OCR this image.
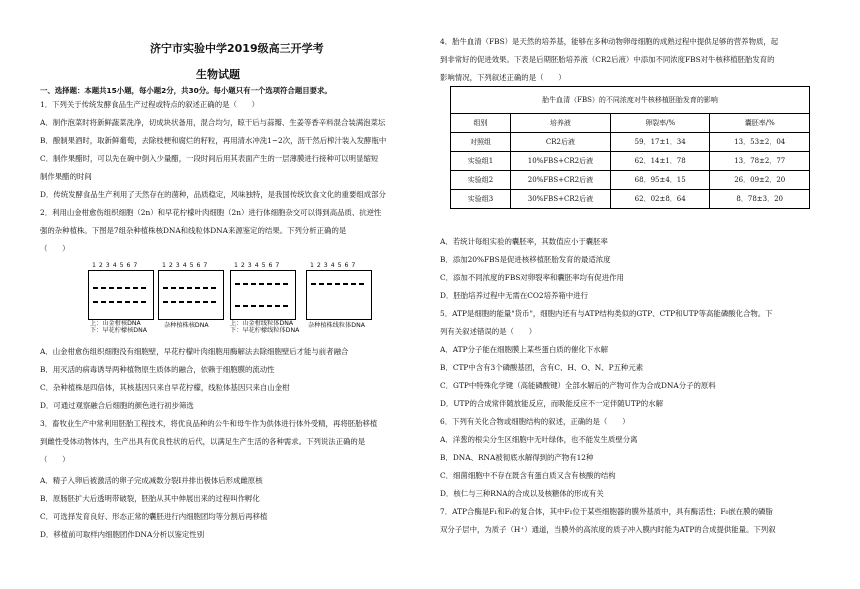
济宁市实验中学2019级高三开学考
生物试题
一、选择题：本题共15小题，每小题2分，共30分。每小题只有一个选项符合题目要求。
1．下列关于传统发酵食品生产过程或特点的叙述正确的是（　　）
A．制作泡菜时将新鲜蔬菜洗净，切成块状备用，混合均匀，晾干后与蒜瓣、生姜等香辛料混合装满泡菜坛
B．酿制果酒时，取新鲜葡萄，去除枝梗和腐烂的籽粒，再用清水冲洗1~2次，沥干然后榨汁装入发酵瓶中
C．制作果醋时，可以先在碗中倒入少量醋，一段时间后用其表面产生的一层薄膜进行接种可以明显缩短
制作果醋的时间
D．传统发酵食品生产利用了天然存在的菌种，品质稳定，风味独特，是我国传统饮食文化的重要组成部分
2．利用山金柑愈伤组织细胞（2n）和早花柠檬叶肉细胞（2n）进行体细胞杂交可以得到高品质、抗逆性
强的杂种植株。下图是7组杂种植株核DNA和线粒体DNA来源鉴定的结果。下列分析正确的是
（　　）
1 2 3 4 5 6 7	1 2 3 4 5 6 7	1 2 3 4 5 6 7	1 2 3 4 5 6 7
上：山金柑核DNA
下：早花柠檬核DNA
杂种植株核DNA	上：山金柑线粒体DNA
下：早花柠檬线粒体DNA
杂种植株线粒体DNA
A．山金柑愈伤组织细胞没有细胞壁，早花柠檬叶肉细胞用酶解法去除细胞壁后才能与前者融合
B．用灭活的病毒诱导两种植物原生质体的融合，依赖于细胞膜的流动性
C．杂种植株是四倍体，其核基因只来自早花柠檬，线粒体基因只来自山金柑
D．可通过观察融合后细胞的颜色进行初步筛选
3．畜牧业生产中常利用胚胎工程技术，将优良品种的公牛和母牛作为供体进行体外受精，再将胚胎移植
到雌性受体动物体内，生产出具有优良性状的后代，以满足生产生活的各种需求。下列说法正确的是
（　　）
A．精子入卵后被激活的卵子完成减数分裂Ⅰ并排出极体后形成雌原核
B．原肠胚扩大后透明带破裂，胚胎从其中伸展出来的过程叫作孵化
C．可选择发育良好、形态正常的囊胚进行内细胞团均等分割后再移植
D．移植前可取样内细胞团作DNA分析以鉴定性别
4．胎牛血清（FBS）是天然的培养基，能够在多种动物卵母细胞的成熟过程中提供足够的营养物质，起
到非常好的促进效果。下表是后期胚胎培养液（CR2后液）中添加不同浓度FBS对牛核移植胚胎发育的
影响情况，下列叙述正确的是（　　）
胎牛血清（FBS）的不同浓度对牛核移植胚胎发育的影响			
组别	培养液	卵裂率/%	囊胚率/%
对照组	CR2后液	59．17±1．34	13．53±2．04
实验组1	10%FBS+CR2后液	62．14±1．78	13．78±2．77
实验组2	20%FBS+CR2后液	68．95±4．15	26．09±2．20
实验组3	30%FBS+CR2后液	62．02±8．64	8．78±3．20
A．若统计每组实验的囊胚率，其数值应小于囊胚率
B．添加20%FBS是促进核移植胚胎发育的最适浓度
C．添加不同浓度的FBS对卵裂率和囊胚率均有促进作用
D．胚胎培养过程中无需在CO2培养箱中进行
5．ATP是细胞的能量"货币"，细胞内还有与ATP结构类似的GTP、CTP和UTP等高能磷酸化合物。下
列有关叙述错误的是（　　）
A．ATP分子能在细胞膜上某些蛋白质的催化下水解
B．CTP中含有3个磷酸基团，含有C、H、O、N、P五种元素
C．GTP中特殊化学键（高能磷酸键）全部水解后的产物可作为合成DNA分子的原料
D．UTP的合成常伴随放能反应，而吸能反应不一定伴随UTP的水解
6．下列有关化合物或细胞结构的叙述，正确的是（　　）
A．洋葱的根尖分生区细胞中无叶绿体，也不能发生质壁分离
B．DNA、RNA被彻底水解得到的产物有12种
C．细菌细胞中不存在既含有蛋白质又含有核酸的结构
D．核仁与三种RNA的合成以及核糖体的形成有关
7．ATP合酶是F₁和F₀的复合体，其中F₁位于某些细胞器的膜外基质中，具有酶活性；F₀嵌在膜的磷脂
双分子层中，为质子（H⁺）通道，当膜外的高浓度的质子冲入膜内时能为ATP的合成提供能量。下列叙
